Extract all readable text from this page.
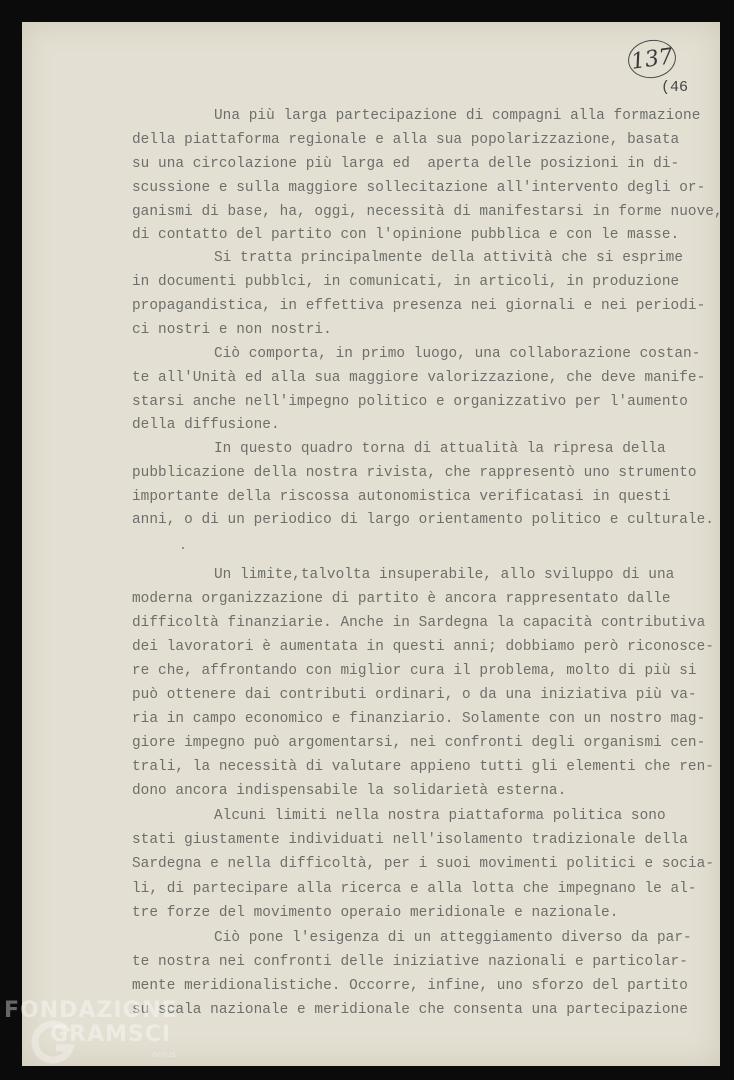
137
(46
Una più larga partecipazione di compagni alla formazione
della piattaforma regionale e alla sua popolarizzazione, basata
su una circolazione più larga ed  aperta delle posizioni in di-
scussione e sulla maggiore sollecitazione all'intervento degli or-
ganismi di base, ha, oggi, necessità di manifestarsi in forme nuove,
di contatto del partito con l'opinione pubblica e con le masse.
Si tratta principalmente della attività che si esprime
in documenti pubblci, in comunicati, in articoli, in produzione
propagandistica, in effettiva presenza nei giornali e nei periodi-
ci nostri e non nostri.
Ciò comporta, in primo luogo, una collaborazione costan-
te all'Unità ed alla sua maggiore valorizzazione, che deve manife-
starsi anche nell'impegno politico e organizzativo per l'aumento
della diffusione.
In questo quadro torna di attualità la ripresa della
pubblicazione della nostra rivista, che rappresentò uno strumento
importante della riscossa autonomistica verificatasi in questi
anni, o di un periodico di largo orientamento politico e culturale.
Un limite,talvolta insuperabile, allo sviluppo di una
moderna organizzazione di partito è ancora rappresentato dalle
difficoltà finanziarie. Anche in Sardegna la capacità contributiva
dei lavoratori è aumentata in questi anni; dobbiamo però riconosce-
re che, affrontando con miglior cura il problema, molto di più si
può ottenere dai contributi ordinari, o da una iniziativa più va-
ria in campo economico e finanziario. Solamente con un nostro mag-
giore impegno può argomentarsi, nei confronti degli organismi cen-
trali, la necessità di valutare appieno tutti gli elementi che ren-
dono ancora indispensabile la solidarietà esterna.
Alcuni limiti nella nostra piattaforma politica sono
stati giustamente individuati nell'isolamento tradizionale della
Sardegna e nella difficoltà, per i suoi movimenti politici e socia-
li, di partecipare alla ricerca e alla lotta che impegnano le al-
tre forze del movimento operaio meridionale e nazionale.
Ciò pone l'esigenza di un atteggiamento diverso da par-
te nostra nei confronti delle iniziative nazionali e particolar-
mente meridionalistiche. Occorre, infine, uno sforzo del partito
su scala nazionale e meridionale che consenta una partecipazione
FONDAZIONE
GRAMSCI
onlus
